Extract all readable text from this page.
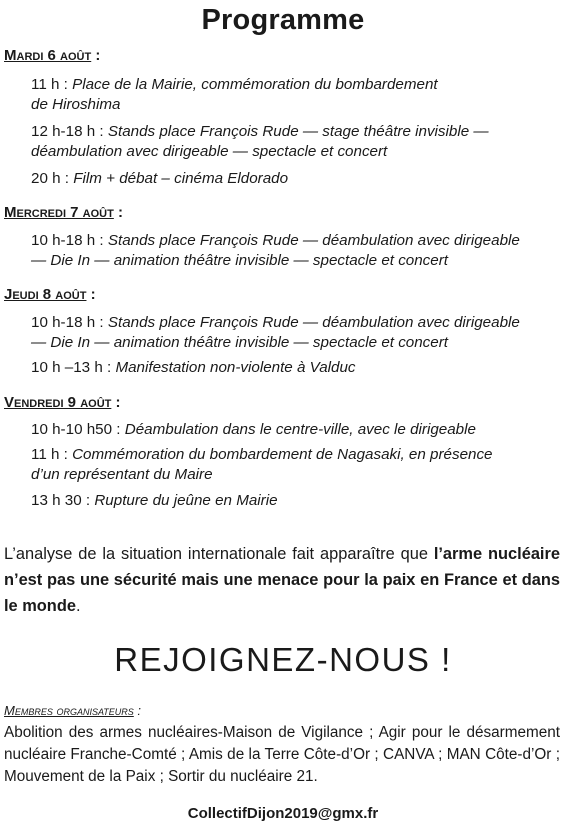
Programme
Mardi 6 août :
11 h : Place de la Mairie, commémoration du bombardement
de Hiroshima
12 h-18 h : Stands place François Rude — stage théâtre invisible —
déambulation avec dirigeable — spectacle et concert
20 h : Film + débat – cinéma Eldorado
Mercredi 7 août :
10 h-18 h : Stands place François Rude — déambulation avec dirigeable
— Die In — animation théâtre invisible — spectacle et concert
Jeudi 8 août :
10 h-18 h : Stands place François Rude — déambulation avec dirigeable
— Die In — animation théâtre invisible — spectacle et concert
10 h –13 h : Manifestation non-violente à Valduc
Vendredi 9 août :
10 h-10 h50 : Déambulation dans le centre-ville, avec le dirigeable
11 h : Commémoration du bombardement de Nagasaki, en présence
d’un représentant du Maire
13 h 30 : Rupture du jeûne en Mairie
L’analyse de la situation internationale fait apparaître que l’arme nucléaire n’est pas une sécurité mais une menace pour la paix en France et dans le monde.
REJOIGNEZ-NOUS !
Membres organisateurs :
Abolition des armes nucléaires-Maison de Vigilance ; Agir pour le désarmement nucléaire Franche-Comté ; Amis de la Terre Côte-d’Or ; CANVA ; MAN Côte-d’Or ; Mouvement de la Paix ; Sortir du nucléaire 21.
CollectifDijon2019@gmx.fr
